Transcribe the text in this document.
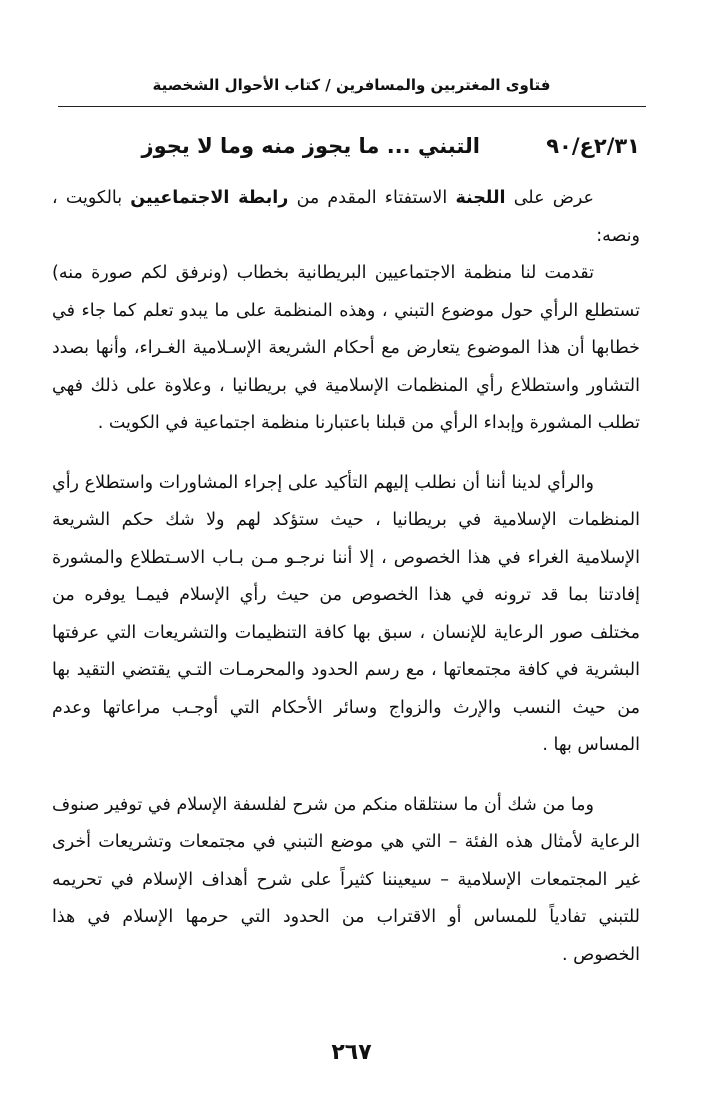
فتاوى المغتربين والمسافرين / كتاب الأحوال الشخصية
٢/٣١ع/٩٠
التبني ... ما يجوز منه وما لا يجوز

عرض على اللجنة الاستفتاء المقدم من رابطة الاجتماعيين بالكويت ، ونصه:

تقدمت لنا منظمة الاجتماعيين البريطانية بخطاب (ونرفق لكم صورة منه) تستطلع الرأي حول موضوع التبني ، وهذه المنظمة على ما يبدو تعلم كما جاء في خطابها أن هذا الموضوع يتعارض مع أحكام الشريعة الإسـلامية الغـراء، وأنها بصدد التشاور واستطلاع رأي المنظمات الإسلامية في بريطانيا ، وعلاوة على ذلك فهي تطلب المشورة وإبداء الرأي من قبلنا باعتبارنا منظمة اجتماعية في الكويت .

والرأي لدينا أننا أن نطلب إليهم التأكيد على إجراء المشاورات واستطلاع رأي المنظمات الإسلامية في بريطانيا ، حيث ستؤكد لهم ولا شك حكم الشريعة الإسلامية الغراء في هذا الخصوص ، إلا أننا نرجـو مـن بـاب الاسـتطلاع والمشورة إفادتنا بما قد ترونه في هذا الخصوص من حيث رأي الإسلام فيمـا يوفره من مختلف صور الرعاية للإنسان ، سبق بها كافة التنظيمات والتشريعات التي عرفتها البشرية في كافة مجتمعاتها ، مع رسم الحدود والمحرمـات التـي يقتضي التقيد بها من حيث النسب والإرث والزواج وسائر الأحكام التي أوجـب مراعاتها وعدم المساس بها .

وما من شك أن ما سنتلقاه منكم من شرح لفلسفة الإسلام في توفير صنوف الرعاية لأمثال هذه الفئة – التي هي موضع التبني في مجتمعات وتشريعات أخرى غير المجتمعات الإسلامية – سيعيننا كثيراً على شرح أهداف الإسلام في تحريمه للتبني تفادياً للمساس أو الاقتراب من الحدود التي حرمها الإسلام في هذا الخصوص .

٢٦٧
